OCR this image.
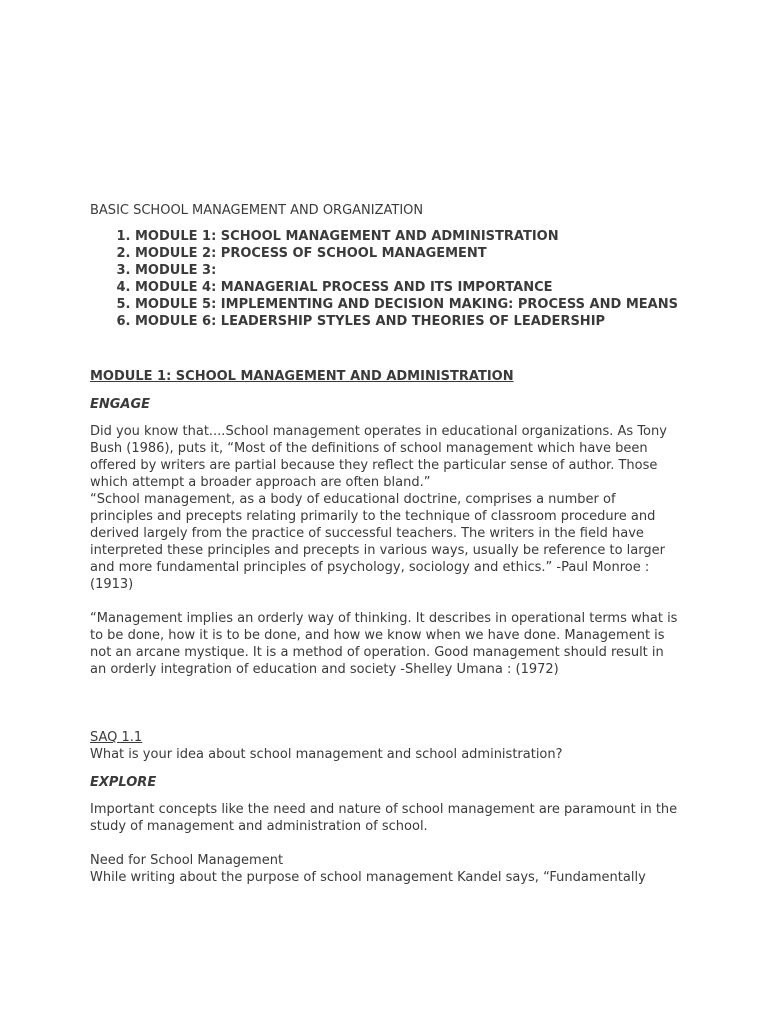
BASIC SCHOOL MANAGEMENT AND ORGANIZATION
1. MODULE 1: SCHOOL MANAGEMENT AND ADMINISTRATION
2. MODULE 2: PROCESS OF SCHOOL MANAGEMENT
3. MODULE 3:
4. MODULE 4: MANAGERIAL PROCESS AND ITS IMPORTANCE
5. MODULE 5: IMPLEMENTING AND DECISION MAKING: PROCESS AND MEANS
6. MODULE 6: LEADERSHIP STYLES AND THEORIES OF LEADERSHIP
MODULE 1: SCHOOL MANAGEMENT AND ADMINISTRATION
ENGAGE
Did you know that....School management operates in educational organizations. As Tony Bush (1986), puts it, “Most of the definitions of school management which have been offered by writers are partial because they reflect the particular sense of author. Those which attempt a broader approach are often bland.”
“School management, as a body of educational doctrine, comprises a number of principles and precepts relating primarily to the technique of classroom procedure and derived largely from the practice of successful teachers. The writers in the field have interpreted these principles and precepts in various ways, usually be reference to larger and more fundamental principles of psychology, sociology and ethics.” -Paul Monroe : (1913)
“Management implies an orderly way of thinking. It describes in operational terms what is to be done, how it is to be done, and how we know when we have done. Management is not an arcane mystique. It is a method of operation. Good management should result in an orderly integration of education and society -Shelley Umana : (1972)
SAQ 1.1
What is your idea about school management and school administration?
EXPLORE
Important concepts like the need and nature of school management are paramount in the study of management and administration of school.
Need for School Management
While writing about the purpose of school management Kandel says, “Fundamentally
